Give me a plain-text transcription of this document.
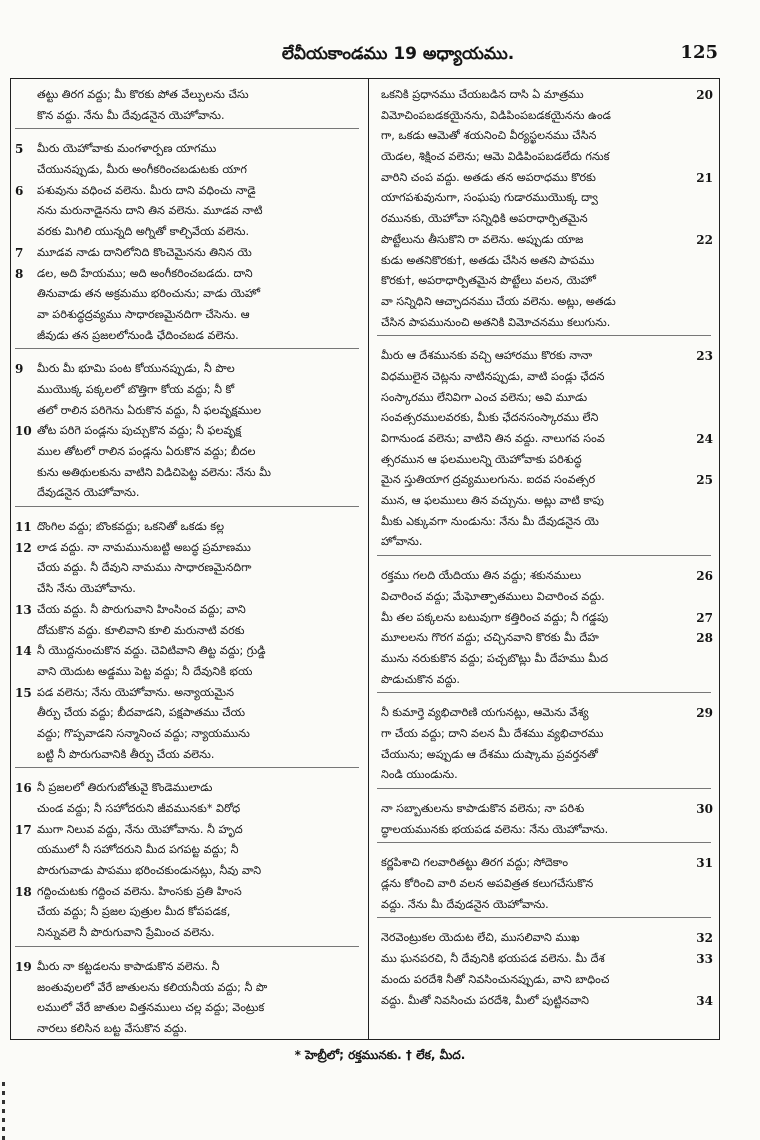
లేవీయకాండము 19 అధ్యాయము.	125
తట్టు తిరగ వద్దు; మీ కొరకు పోత వేల్పులను చేసు
కొన వద్దు. నేను మీ దేవుడనైన యెహోవాను.
5 మీరు యెహోవాకు మంగళార్పణ యాగము
చేయునప్పుడు, మీరు అంగీకరించబడుటకు యాగ
6 పశువును వధించ వలెను. మీరు దాని వధించు నాడై
నను మరునాడైనను దాని తిన వలెను. మూడవ నాటి
వరకు మిగిలి యున్నది అగ్నితో కాల్చివేయ వలెను.
7 మూడవ నాడు దానిలోనిది కొంచెమైనను తినిన యె
8 డల, అది హేయము; అది అంగీకరించబడదు. దాని
తినువాడు తన అక్రమము భరించును; వాడు యెహో
వా పరిశుద్ధద్రవ్యము సాధారణమైనదిగా చేసెను. ఆ
జీవుడు తన ప్రజలలోనుండి ఛేదించబడ వలెను.
9 మీరు మీ భూమి పంట కోయునప్పుడు, నీ పొల
ముయొక్క పక్కలలో బొత్తిగా కోయ వద్దు; నీ కో
తలో రాలిన పరిగెను ఏరుకొన వద్దు, నీ ఫలవృక్షముల
10 తోట పరిగె పండ్లను పుచ్చుకొన వద్దు; నీ ఫలవృక్ష
ముల తోటలో రాలిన పండ్లను ఏరుకొన వద్దు; బీదల
కును అతిథులకును వాటిని విడిచిపెట్ట వలెను: నేను మీ
దేవుడనైన యెహోవాను.
11 దొంగిల వద్దు; బొంకవద్దు; ఒకనితో ఒకడు కల్ల
12 లాడ వద్దు. నా నామమునుబట్టి అబద్ధ ప్రమాణము
చేయ వద్దు. నీ దేవుని నామము సాధారణమైనదిగా
చేసి నేను యెహోవాను.
13 చేయ వద్దు. నీ పొరుగువాని హింసించ వద్దు; వాని
దోచుకొన వద్దు. కూలివాని కూలి మరునాటి వరకు
14 నీ యొద్దనుంచుకొన వద్దు. చెవిటివాని తిట్ట వద్దు; గ్రుడ్డి
వాని యెదుట అడ్డము పెట్ట వద్దు; నీ దేవునికి భయ
15 పడ వలెను; నేను యెహోవాను. అన్యాయమైన
తీర్పు చేయ వద్దు; బీదవాడని, పక్షపాతము చేయ
వద్దు; గొప్పవాడని సన్మానించ వద్దు; న్యాయమును
బట్టి నీ పొరుగువానికి తీర్పు చేయ వలెను.
16 నీ ప్రజలలో తిరుగుబోతువై కొండెములాడు
చుండ వద్దు; నీ సహోదరుని జీవమునకు* విరోధ
17 ముగా నిలువ వద్దు, నేను యెహోవాను. నీ హృద
యములో నీ సహోదరుని మీద పగపట్ట వద్దు; నీ
పొరుగువాడు పాపము భరించకుండునట్లు, నీవు వాని
18 గద్దించుటకు గద్దించ వలెను. హింసకు ప్రతి హింస
చేయ వద్దు; నీ ప్రజల పుత్రుల మీద కోపపడక,
నిన్నువలె నీ పొరుగువాని ప్రేమించ వలెను.
19 మీరు నా కట్టడలను కాపాడుకొన వలెను. నీ
జంతువులలో వేరే జాతులను కలియనీయ వద్దు; నీ పొ
లములో వేరే జాతుల విత్తనములు చల్ల వద్దు; వెంట్రుక
నారలు కలిసిన బట్ట వేసుకొన వద్దు.
20
ఒకనికి ప్రధానము చేయబడిన దాసి ఏ మాత్రము
విమోచింపబడకయైనను, విడిపింపబడకయైనను ఉండ
గా, ఒకడు ఆమెతో శయనించి వీర్యస్ఖలనము చేసిన
యెడల, శిక్షించ వలెను; ఆమె విడిపింపబడలేదు గనుక
21
వారిని చంప వద్దు. అతడు తన అపరాధము కొరకు
యాగపశువునుగా, సంఘపు గుడారముయొక్క ద్వా
రమునకు, యెహోవా సన్నిధికి అపరాధార్పితమైన
22
పొట్టేలును తీసుకొని రా వలెను. అప్పుడు యాజ
కుడు అతనికొరకు†, అతడు చేసిన అతని పాపము
కొరకు†, అపరాధార్పితమైన పొట్టేలు వలన, యెహో
వా సన్నిధిని ఆచ్ఛాదనము చేయ వలెను. అట్లు, అతడు
చేసిన పాపమునుంచి అతనికి విమోచనము కలుగును.
23
మీరు ఆ దేశమునకు వచ్చి ఆహారము కొరకు నానా
విధములైన చెట్లను నాటినప్పుడు, వాటి పండ్లు ఛేదన
సంస్కారము లేనివిగా ఎంచ వలెను; అవి మూడు
సంవత్సరములవరకు, మీకు ఛేదనసంస్కారము లేని
24
విగానుండ వలెను; వాటిని తిన వద్దు. నాలుగవ సంవ
త్సరమున ఆ ఫలములన్ని యెహోవాకు పరిశుద్ధ
25
మైన స్తుతియాగ ద్రవ్యములగును. ఐదవ సంవత్సర
మున, ఆ ఫలములు తిన వచ్చును. అట్లు వాటి కాపు
మీకు ఎక్కువగా నుండును: నేను మీ దేవుడనైన యె
హోవాను.
26
రక్తము గలది యేదియు తిన వద్దు; శకునములు
విచారించ వద్దు; మేఘోత్పాతములు విచారించ వద్దు.
27
మీ తల పక్కలను బటువుగా కత్తిరించ వద్దు; నీ గడ్డపు
28
మూలలను గొరగ వద్దు; చచ్చినవాని కొరకు మీ దేహ
మును నరుకుకొన వద్దు; పచ్చబొట్లు మీ దేహము మీద
పొడుచుకొన వద్దు.
29
నీ కుమార్తె వ్యభిచారిణి యగునట్లు, ఆమెను వేశ్య
గా చేయ వద్దు; దాని వలన మీ దేశము వ్యభిచారము
చేయును; అప్పుడు ఆ దేశము దుష్కామ ప్రవర్తనతో
నిండి యుండును.
30
నా సబ్బాతులను కాపాడుకొన వలెను; నా పరిశు
ద్ధాలయమునకు భయపడ వలెను: నేను యెహోవాను.
31
కర్ణపిశాచి గలవారితట్టు తిరగ వద్దు; సోదెకాం
డ్లను కోరించి వారి వలన అపవిత్రత కలుగచేసుకొన
వద్దు. నేను మీ దేవుడనైన యెహోవాను.
32
నెరవెంట్రుకల యెదుట లేచి, ముసలివాని ముఖ
33
ము ఘనపరచి, నీ దేవునికి భయపడ వలెను. మీ దేశ
మందు పరదేశి నీతో నివసించునప్పుడు, వాని బాధించ
34
వద్దు. మీతో నివసించు పరదేశి, మీలో పుట్టినవాని
* హెబ్రీలో; రక్తమునకు. † లేక, మీద.
